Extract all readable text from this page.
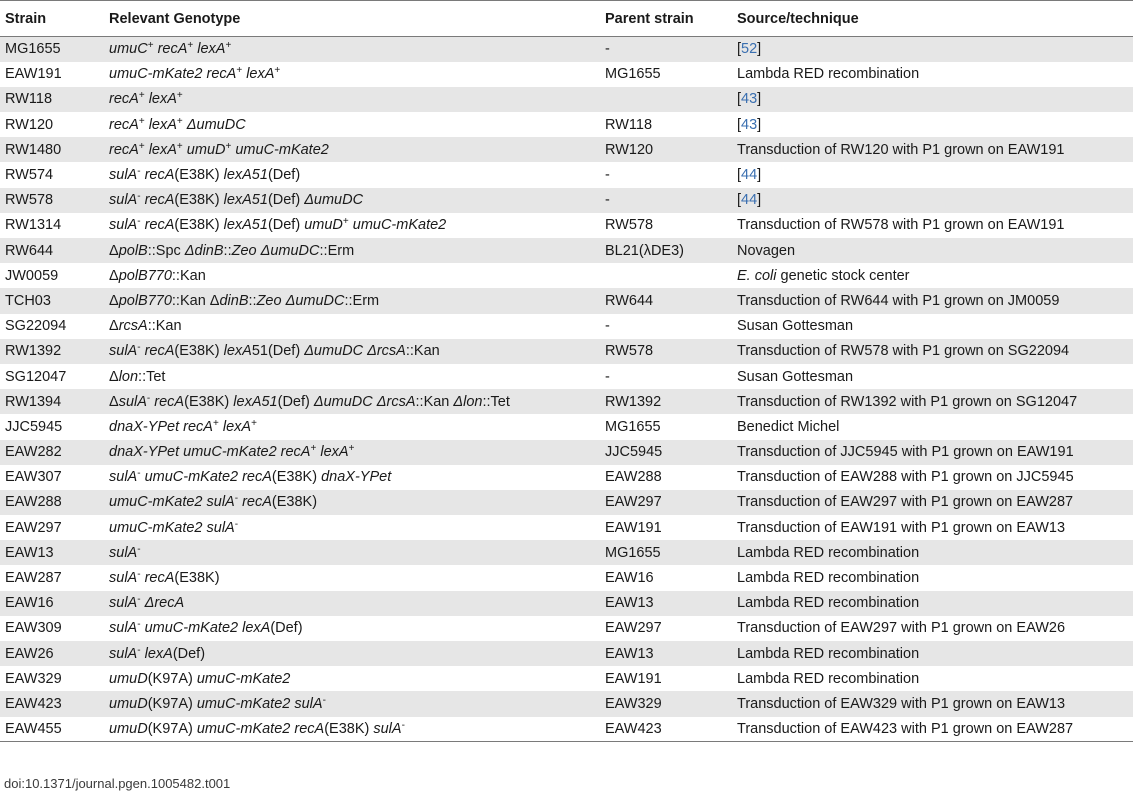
Strain	Relevant Genotype	Parent strain	Source/technique
MG1655	umuC+ recA+ lexA+	-	[52]
EAW191	umuC-mKate2 recA+ lexA+	MG1655	Lambda RED recombination
RW118	recA+ lexA+		[43]
RW120	recA+ lexA+ ΔumuDC	RW118	[43]
RW1480	recA+ lexA+ umuD+ umuC-mKate2	RW120	Transduction of RW120 with P1 grown on EAW191
RW574	sulA- recA(E38K) lexA51(Def)	-	[44]
RW578	sulA- recA(E38K) lexA51(Def) ΔumuDC	-	[44]
RW1314	sulA- recA(E38K) lexA51(Def) umuD+ umuC-mKate2	RW578	Transduction of RW578 with P1 grown on EAW191
RW644	ΔpolB::Spc ΔdinB::Zeo ΔumuDC::Erm	BL21(λDE3)	Novagen
JW0059	ΔpolB770::Kan		E. coli genetic stock center
TCH03	ΔpolB770::Kan ΔdinB::Zeo ΔumuDC::Erm	RW644	Transduction of RW644 with P1 grown on JM0059
SG22094	ΔrcsA::Kan	-	Susan Gottesman
RW1392	sulA- recA(E38K) lexA51(Def) ΔumuDC ΔrcsA::Kan	RW578	Transduction of RW578 with P1 grown on SG22094
SG12047	Δlon::Tet	-	Susan Gottesman
RW1394	ΔsulA- recA(E38K) lexA51(Def) ΔumuDC ΔrcsA::Kan Δlon::Tet	RW1392	Transduction of RW1392 with P1 grown on SG12047
JJC5945	dnaX-YPet recA+ lexA+	MG1655	Benedict Michel
EAW282	dnaX-YPet umuC-mKate2 recA+ lexA+	JJC5945	Transduction of JJC5945 with P1 grown on EAW191
EAW307	sulA- umuC-mKate2 recA(E38K) dnaX-YPet	EAW288	Transduction of EAW288 with P1 grown on JJC5945
EAW288	umuC-mKate2 sulA- recA(E38K)	EAW297	Transduction of EAW297 with P1 grown on EAW287
EAW297	umuC-mKate2 sulA-	EAW191	Transduction of EAW191 with P1 grown on EAW13
EAW13	sulA-	MG1655	Lambda RED recombination
EAW287	sulA- recA(E38K)	EAW16	Lambda RED recombination
EAW16	sulA- ΔrecA	EAW13	Lambda RED recombination
EAW309	sulA- umuC-mKate2 lexA(Def)	EAW297	Transduction of EAW297 with P1 grown on EAW26
EAW26	sulA- lexA(Def)	EAW13	Lambda RED recombination
EAW329	umuD(K97A) umuC-mKate2	EAW191	Lambda RED recombination
EAW423	umuD(K97A) umuC-mKate2 sulA-	EAW329	Transduction of EAW329 with P1 grown on EAW13
EAW455	umuD(K97A) umuC-mKate2 recA(E38K) sulA-	EAW423	Transduction of EAW423 with P1 grown on EAW287
doi:10.1371/journal.pgen.1005482.t001
